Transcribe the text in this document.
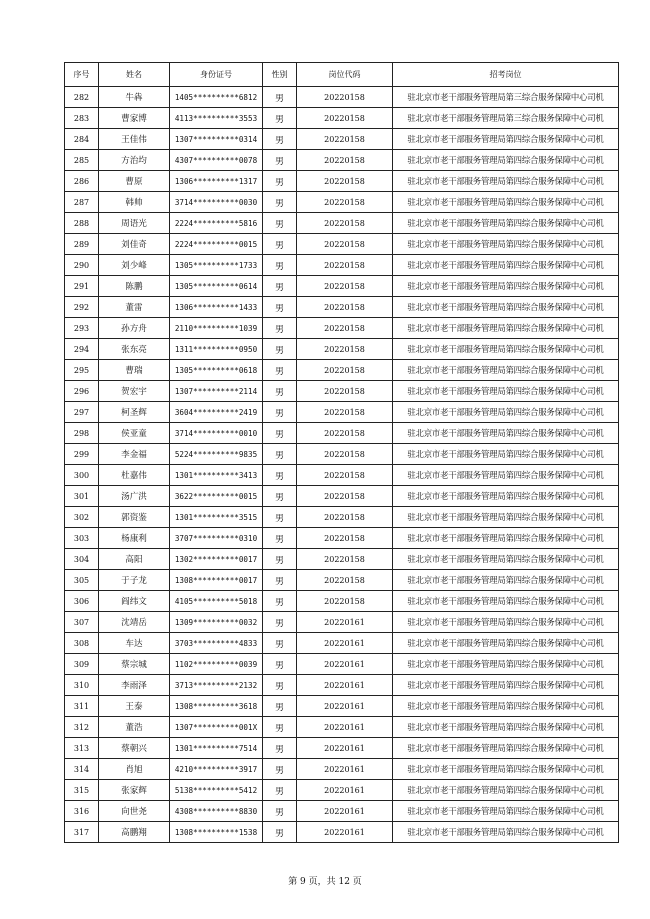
序号	姓名	身份证号	性别	岗位代码	招考岗位
282	牛犇	1405**********6812	男	20220158	驻北京市老干部服务管理局第三综合服务保障中心司机
283	曹家博	4113**********3553	男	20220158	驻北京市老干部服务管理局第三综合服务保障中心司机
284	王佳伟	1307**********0314	男	20220158	驻北京市老干部服务管理局第四综合服务保障中心司机
285	方治均	4307**********0078	男	20220158	驻北京市老干部服务管理局第四综合服务保障中心司机
286	曹原	1306**********1317	男	20220158	驻北京市老干部服务管理局第四综合服务保障中心司机
287	韩帅	3714**********0030	男	20220158	驻北京市老干部服务管理局第四综合服务保障中心司机
288	周语光	2224**********5816	男	20220158	驻北京市老干部服务管理局第四综合服务保障中心司机
289	刘佳奇	2224**********0015	男	20220158	驻北京市老干部服务管理局第四综合服务保障中心司机
290	刘少峰	1305**********1733	男	20220158	驻北京市老干部服务管理局第四综合服务保障中心司机
291	陈鹏	1305**********0614	男	20220158	驻北京市老干部服务管理局第四综合服务保障中心司机
292	董雷	1306**********1433	男	20220158	驻北京市老干部服务管理局第四综合服务保障中心司机
293	孙方舟	2110**********1039	男	20220158	驻北京市老干部服务管理局第四综合服务保障中心司机
294	张东亮	1311**********0950	男	20220158	驻北京市老干部服务管理局第四综合服务保障中心司机
295	曹瑞	1305**********0618	男	20220158	驻北京市老干部服务管理局第四综合服务保障中心司机
296	贺宏宇	1307**********2114	男	20220158	驻北京市老干部服务管理局第四综合服务保障中心司机
297	柯圣辉	3604**********2419	男	20220158	驻北京市老干部服务管理局第四综合服务保障中心司机
298	侯亚童	3714**********0010	男	20220158	驻北京市老干部服务管理局第四综合服务保障中心司机
299	李金福	5224**********9835	男	20220158	驻北京市老干部服务管理局第四综合服务保障中心司机
300	杜嘉伟	1301**********3413	男	20220158	驻北京市老干部服务管理局第四综合服务保障中心司机
301	汤广洪	3622**********0015	男	20220158	驻北京市老干部服务管理局第四综合服务保障中心司机
302	郭资鉴	1301**********3515	男	20220158	驻北京市老干部服务管理局第四综合服务保障中心司机
303	杨康利	3707**********0310	男	20220158	驻北京市老干部服务管理局第四综合服务保障中心司机
304	高阳	1302**********0017	男	20220158	驻北京市老干部服务管理局第四综合服务保障中心司机
305	于子龙	1308**********0017	男	20220158	驻北京市老干部服务管理局第四综合服务保障中心司机
306	阎纬文	4105**********5018	男	20220158	驻北京市老干部服务管理局第四综合服务保障中心司机
307	沈靖岳	1309**********0032	男	20220161	驻北京市老干部服务管理局第四综合服务保障中心司机
308	车达	3703**********4833	男	20220161	驻北京市老干部服务管理局第四综合服务保障中心司机
309	蔡宗城	1102**********0039	男	20220161	驻北京市老干部服务管理局第四综合服务保障中心司机
310	李雨泽	3713**********2132	男	20220161	驻北京市老干部服务管理局第四综合服务保障中心司机
311	王泰	1308**********3618	男	20220161	驻北京市老干部服务管理局第四综合服务保障中心司机
312	董浩	1307**********001X	男	20220161	驻北京市老干部服务管理局第四综合服务保障中心司机
313	蔡朝兴	1301**********7514	男	20220161	驻北京市老干部服务管理局第四综合服务保障中心司机
314	肖旭	4210**********3917	男	20220161	驻北京市老干部服务管理局第四综合服务保障中心司机
315	张家辉	5138**********5412	男	20220161	驻北京市老干部服务管理局第四综合服务保障中心司机
316	向世尧	4308**********8830	男	20220161	驻北京市老干部服务管理局第四综合服务保障中心司机
317	高鹏翔	1308**********1538	男	20220161	驻北京市老干部服务管理局第四综合服务保障中心司机
第 9 页，共 12 页
